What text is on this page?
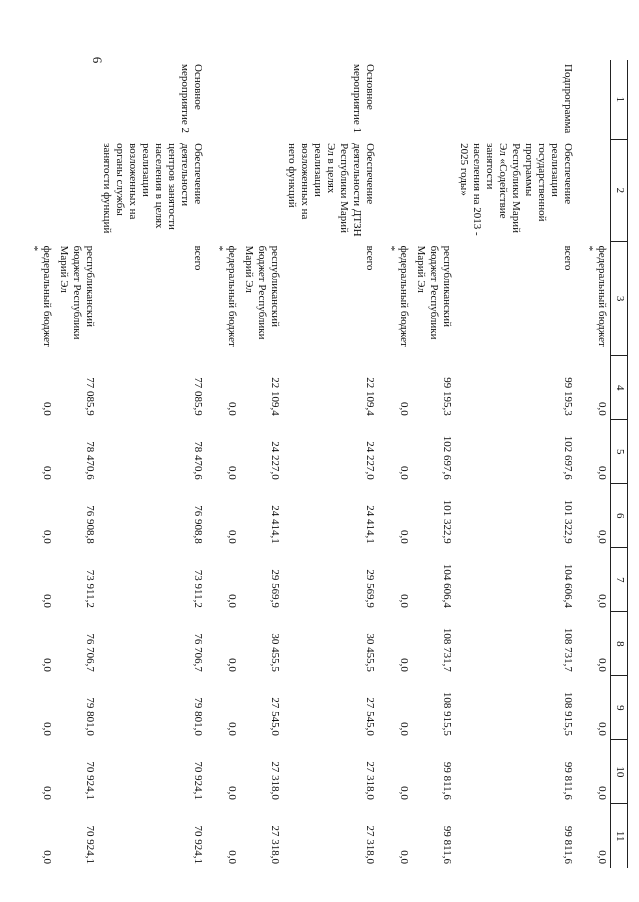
6
1	2	3	4	5	6	7	8	9	10	11
		федеральный бюджет *	0,0	0,0	0,0	0,0	0,0	0,0	0,0	0,0

Подпрограмма	Обеспечение реализации государственной программы Республики Марий Эл «Содействие занятости населения на 2013 - 2025 годы»	всего	99 195,3	102 697,6	101 322,9	104 606,4	108 731,7	108 915,5	99 811,6	99 811,6
		республиканский бюджет Республики Марий Эл	99 195,3	102 697,6	101 322,9	104 606,4	108 731,7	108 915,5	99 811,6	99 811,6
		федеральный бюджет *	0,0	0,0	0,0	0,0	0,0	0,0	0,0	0,0

Основное мероприятие 1	Обеспечение деятельности ДТЗН Республики Марий Эл в целях реализации возложенных на него функций	всего	22 109,4	24 227,0	24 414,1	29 569,9	30 455,5	27 545,0	27 318,0	27 318,0
		республиканский бюджет Республики Марий Эл	22 109,4	24 227,0	24 414,1	29 569,9	30 455,5	27 545,0	27 318,0	27 318,0
		федеральный бюджет *	0,0	0,0	0,0	0,0	0,0	0,0	0,0	0,0

Основное мероприятие 2	Обеспечение деятельности центров занятости населения в целях реализации возложенных на органы службы занятости функций	всего	77 085,9	78 470,6	76 908,8	73 911,2	76 706,7	79 801,0	70 924,1	70 924,1
		республиканский бюджет Республики Марий Эл	77 085,9	78 470,6	76 908,8	73 911,2	76 706,7	79 801,0	70 924,1	70 924,1
		федеральный бюджет *	0,0	0,0	0,0	0,0	0,0	0,0	0,0	0,0
